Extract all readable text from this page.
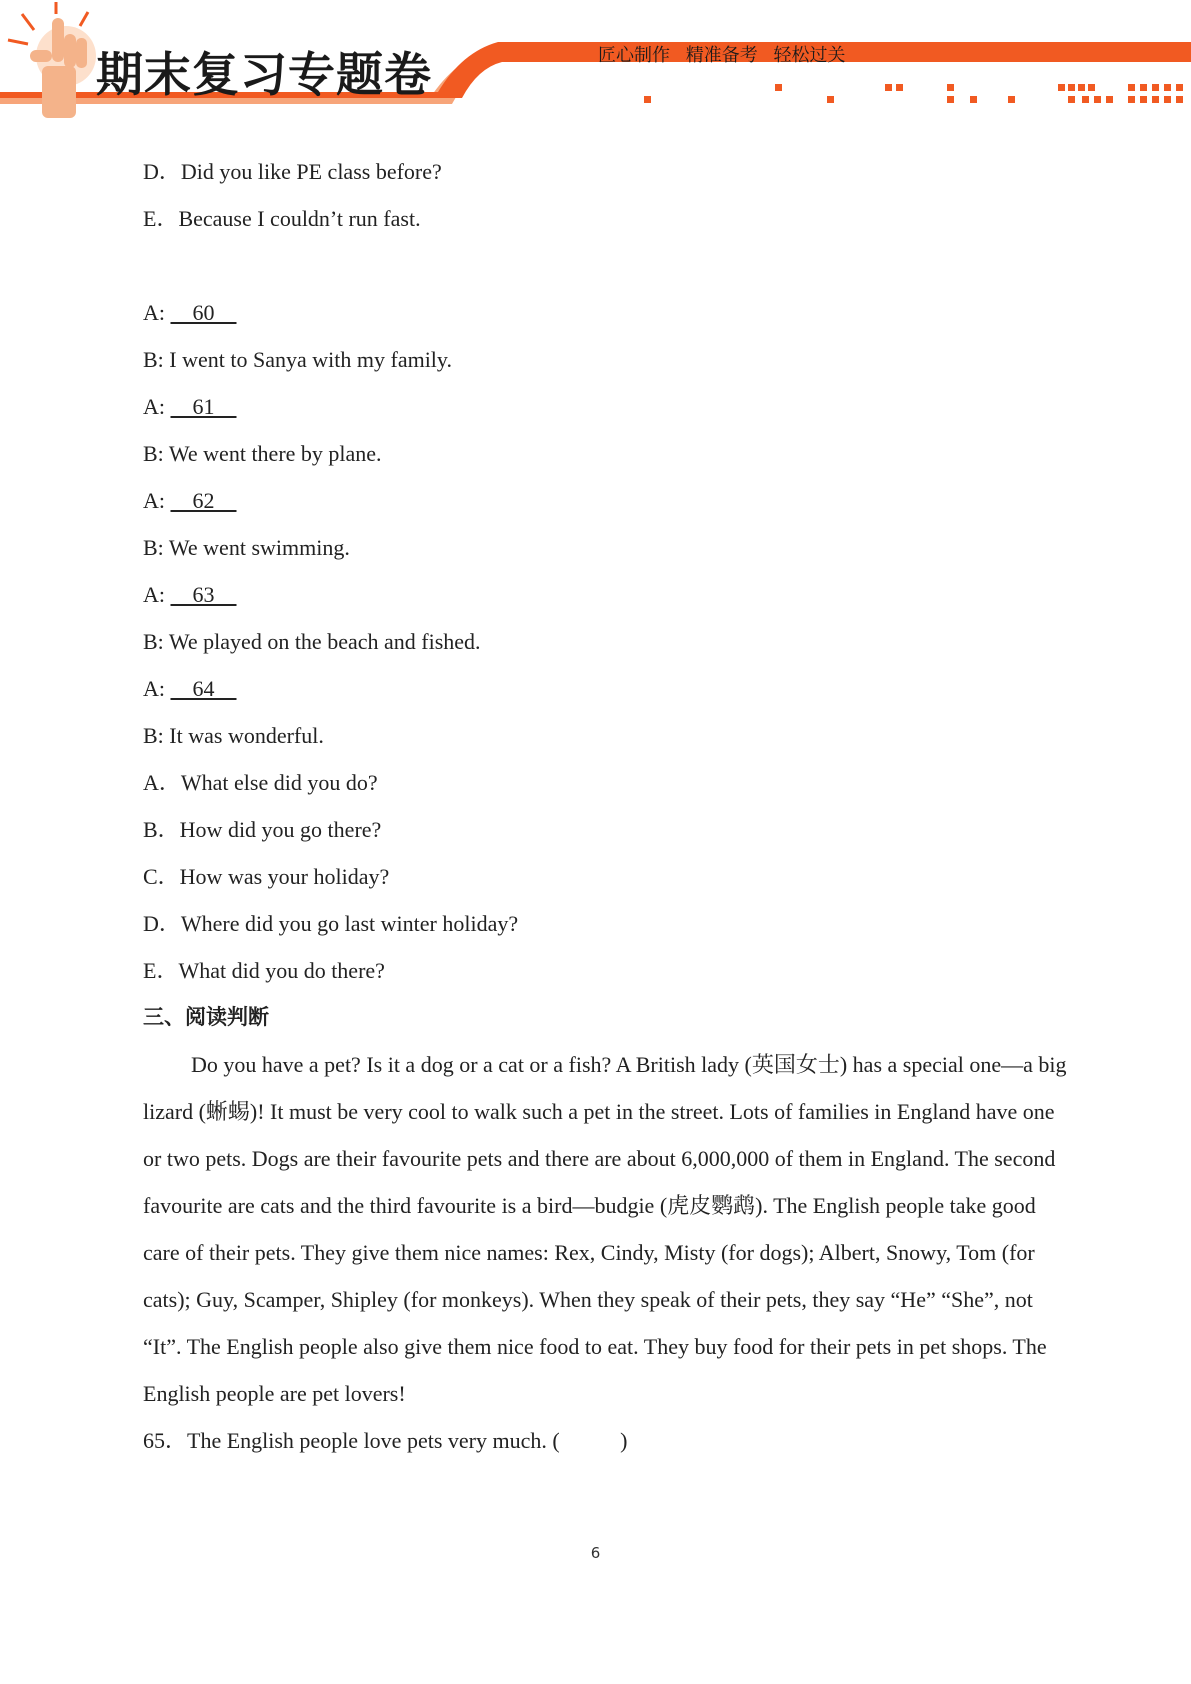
期末复习专题卷	匠心制作 精准备考 轻松过关
D．Did you like PE class before?
E．Because I couldn’t run fast.
A: 60
B: I went to Sanya with my family.
A: 61
B: We went there by plane.
A: 62
B: We went swimming.
A: 63
B: We played on the beach and fished.
A: 64
B: It was wonderful.
A．What else did you do?
B．How did you go there?
C．How was your holiday?
D．Where did you go last winter holiday?
E．What did you do there?
三、阅读判断

Do you have a pet? Is it a dog or a cat or a fish? A British lady (英国女士) has a special one—a big lizard (蜥蜴)! It must be very cool to walk such a pet in the street. Lots of families in England have one or two pets. Dogs are their favourite pets and there are about 6,000,000 of them in England. The second favourite are cats and the third favourite is a bird—budgie (虎皮鹦鹉). The English people take good care of their pets. They give them nice names: Rex, Cindy, Misty (for dogs); Albert, Snowy, Tom (for cats); Guy, Scamper, Shipley (for monkeys). When they speak of their pets, they say “He” “She”, not “It”. The English people also give them nice food to eat. They buy food for their pets in pet shops. The English people are pet lovers!

65．The English people love pets very much. (           )
6
